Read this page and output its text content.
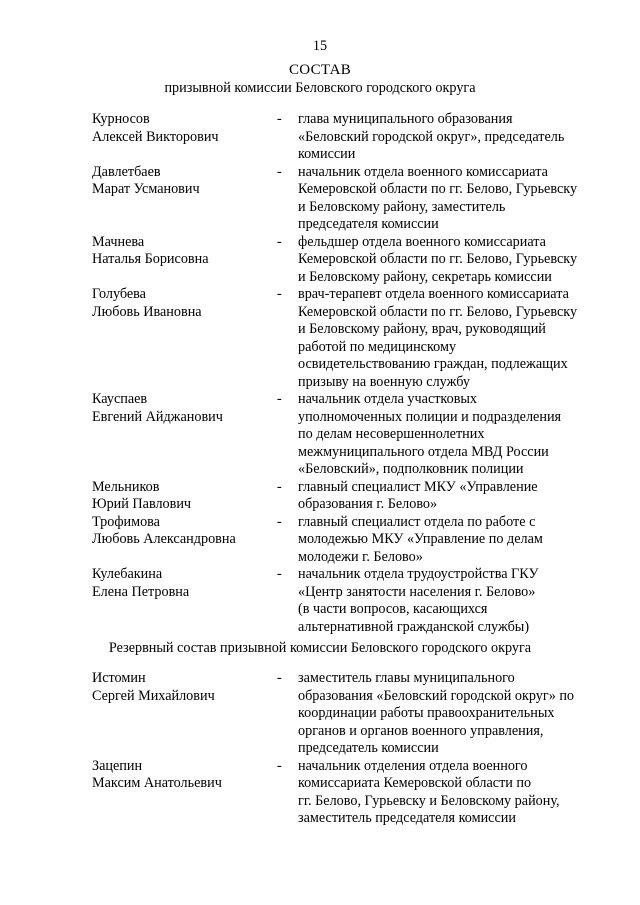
15
СОСТАВ
призывной комиссии Беловского городского округа
Курносов
Алексей Викторович
- глава муниципального образования
«Беловский городской округ», председатель
комиссии
Давлетбаев
Марат Усманович
- начальник отдела военного комиссариата
Кемеровской области по гг. Белово, Гурьевску
и Беловскому району, заместитель
председателя комиссии
Мачнева
Наталья Борисовна
- фельдшер отдела военного комиссариата
Кемеровской области по гг. Белово, Гурьевску
и Беловскому району, секретарь комиссии
Голубева
Любовь Ивановна
- врач-терапевт отдела военного комиссариата
Кемеровской области по гг. Белово, Гурьевску
и Беловскому району, врач, руководящий
работой по медицинскому
освидетельствованию граждан, подлежащих
призыву на военную службу
Кауспаев
Евгений Айджанович
- начальник отдела участковых
уполномоченных полиции и подразделения
по делам несовершеннолетних
межмуниципального отдела МВД России
«Беловский», подполковник полиции
Мельников
Юрий Павлович
- главный специалист МКУ «Управление
образования г. Белово»
Трофимова
Любовь Александровна
- главный специалист отдела по работе с
молодежью МКУ «Управление по делам
молодежи г. Белово»
Кулебакина
Елена Петровна
- начальник отдела трудоустройства ГКУ
«Центр занятости населения г. Белово»
(в части вопросов, касающихся
альтернативной гражданской службы)
Резервный состав призывной комиссии Беловского городского округа
Истомин
Сергей Михайлович
- заместитель главы муниципального
образования «Беловский городской округ» по
координации работы правоохранительных
органов и органов военного управления,
председатель комиссии
Зацепин
Максим Анатольевич
- начальник отделения отдела военного
комиссариата Кемеровской области по
гг. Белово, Гурьевску и Беловскому району,
заместитель председателя комиссии
